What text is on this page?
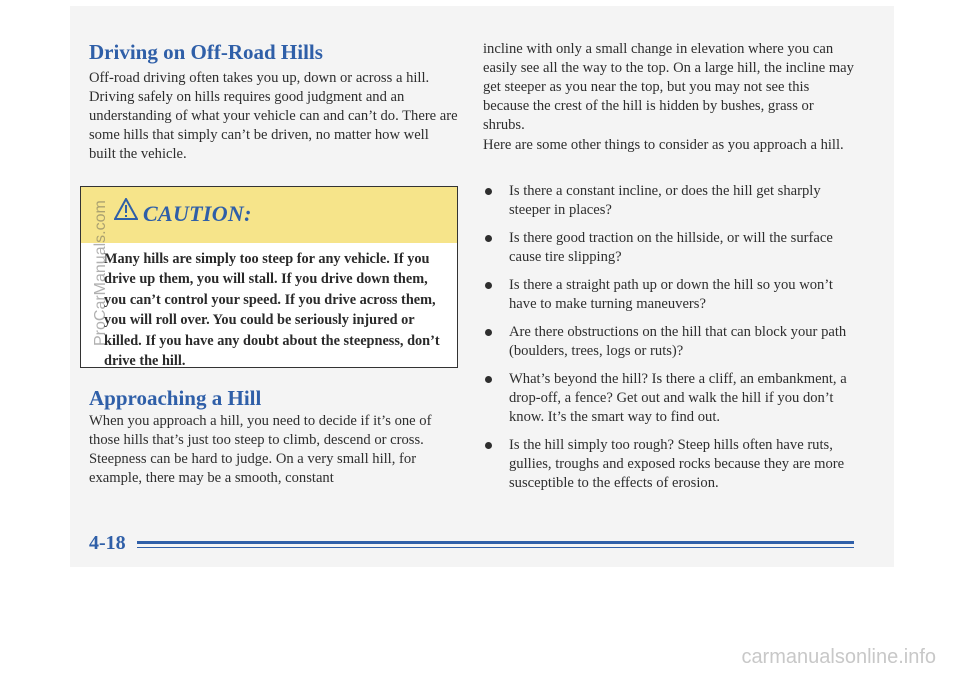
Driving on Off-Road Hills

Off-road driving often takes you up, down or across a hill. Driving safely on hills requires good judgment and an understanding of what your vehicle can and can’t do. There are some hills that simply can’t be driven, no matter how well built the vehicle.

CAUTION:
Many hills are simply too steep for any vehicle. If you drive up them, you will stall. If you drive down them, you can’t control your speed. If you drive across them, you will roll over. You could be seriously injured or killed. If you have any doubt about the steepness, don’t drive the hill.
Approaching a Hill

When you approach a hill, you need to decide if it’s one of those hills that’s just too steep to climb, descend or cross. Steepness can be hard to judge. On a very small hill, for example, there may be a smooth, constant

incline with only a small change in elevation where you can easily see all the way to the top. On a large hill, the incline may get steeper as you near the top, but you may not see this because the crest of the hill is hidden by bushes, grass or shrubs.

Here are some other things to consider as you approach a hill.

Is there a constant incline, or does the hill get sharply steeper in places?
Is there good traction on the hillside, or will the surface cause tire slipping?
Is there a straight path up or down the hill so you won’t have to make turning maneuvers?
Are there obstructions on the hill that can block your path (boulders, trees, logs or ruts)?
What’s beyond the hill? Is there a cliff, an embankment, a drop-off, a fence? Get out and walk the hill if you don’t know. It’s the smart way to find out.
Is the hill simply too rough? Steep hills often have ruts, gullies, troughs and exposed rocks because they are more susceptible to the effects of erosion.
4-18
ProCarManuals.com
carmanualsonline.info
